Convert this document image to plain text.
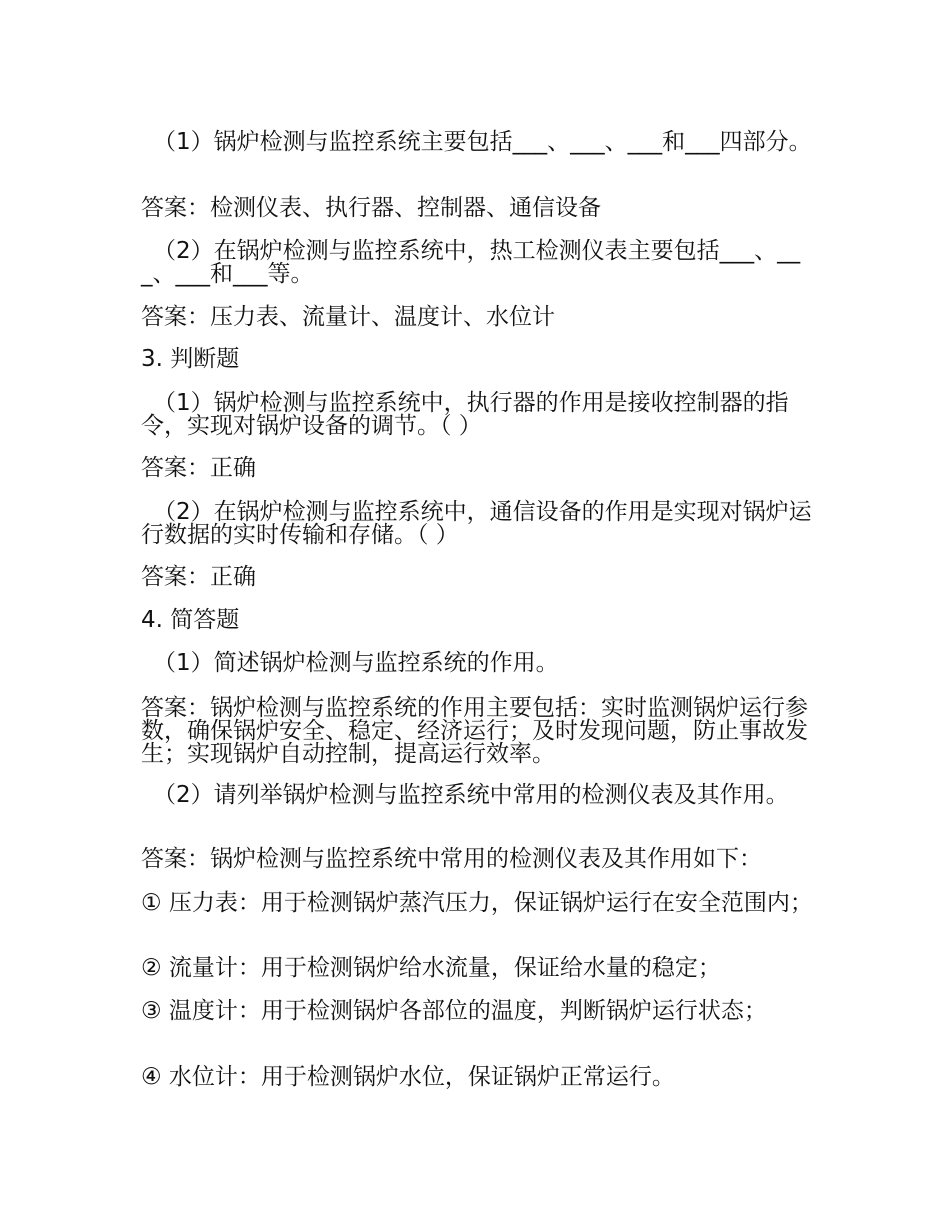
（1）锅炉检测与监控系统主要包括___、___、___和___四部分。
答案：检测仪表、执行器、控制器、通信设备
（2）在锅炉检测与监控系统中，热工检测仪表主要包括___、___、___和___等。
答案：压力表、流量计、温度计、水位计
3. 判断题
（1）锅炉检测与监控系统中，执行器的作用是接收控制器的指令，实现对锅炉设备的调节。（ ）
答案：正确
（2）在锅炉检测与监控系统中，通信设备的作用是实现对锅炉运行数据的实时传输和存储。（ ）
答案：正确
4. 简答题
（1）简述锅炉检测与监控系统的作用。
答案：锅炉检测与监控系统的作用主要包括：实时监测锅炉运行参数，确保锅炉安全、稳定、经济运行；及时发现问题，防止事故发生；实现锅炉自动控制，提高运行效率。
（2）请列举锅炉检测与监控系统中常用的检测仪表及其作用。
答案：锅炉检测与监控系统中常用的检测仪表及其作用如下：
① 压力表：用于检测锅炉蒸汽压力，保证锅炉运行在安全范围内；
② 流量计：用于检测锅炉给水流量，保证给水量的稳定；
③ 温度计：用于检测锅炉各部位的温度，判断锅炉运行状态；
④ 水位计：用于检测锅炉水位，保证锅炉正常运行。
